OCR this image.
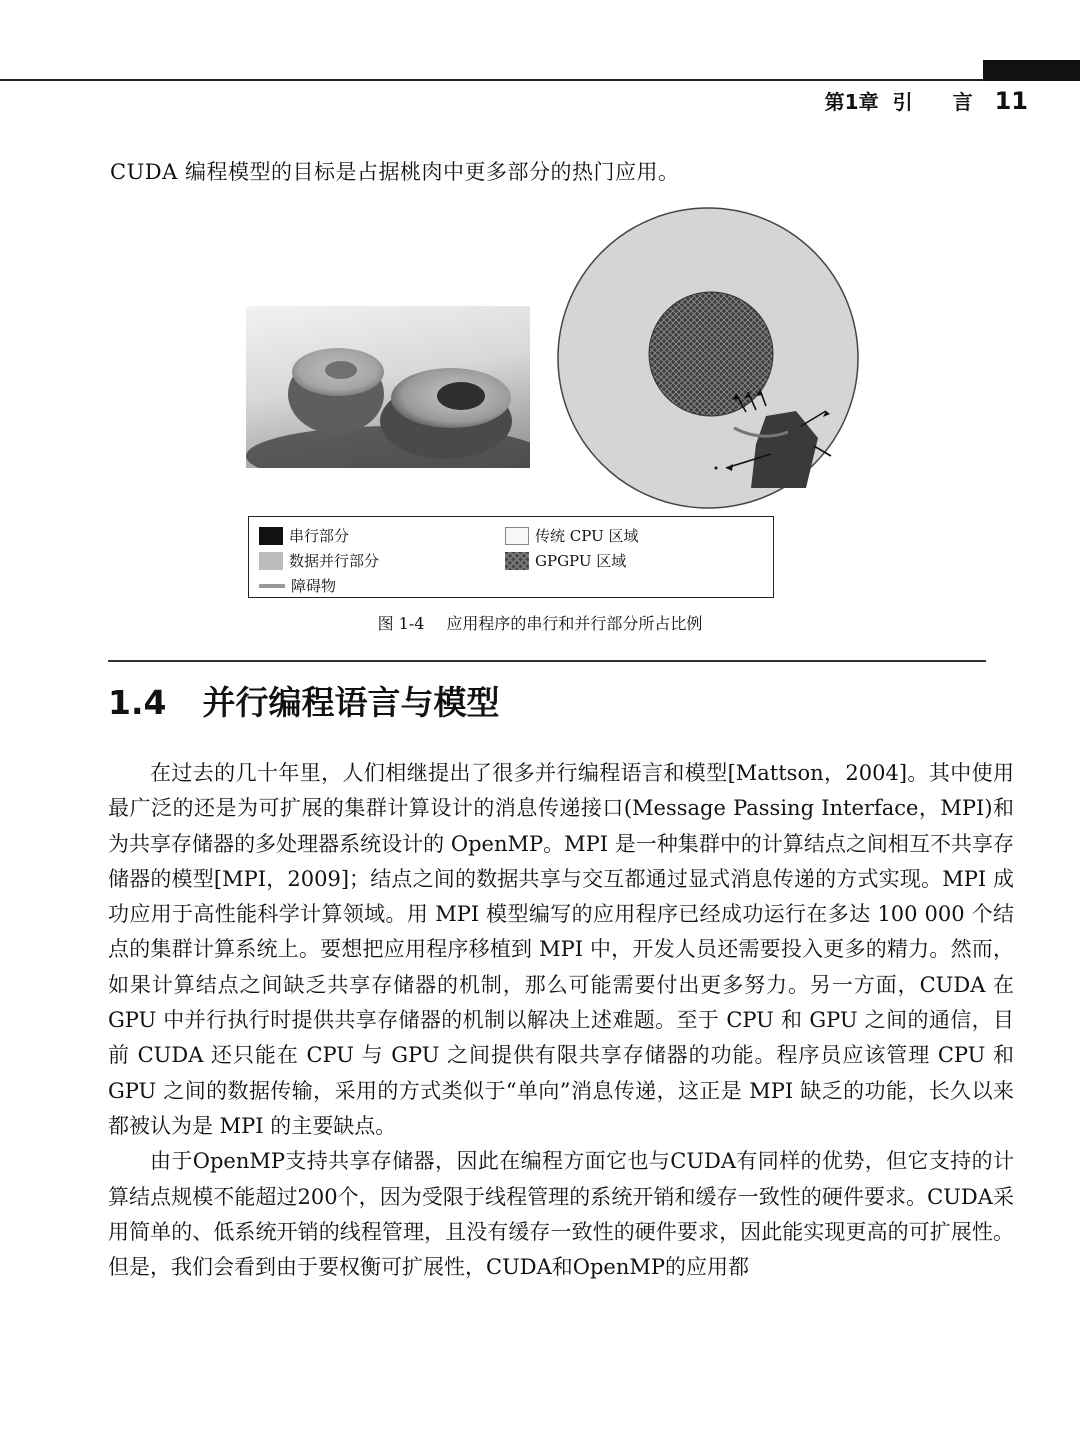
第1章 引 言 11
CUDA 编程模型的目标是占据桃肉中更多部分的热门应用。
串行部分
数据并行部分
障碍物
传统 CPU 区域
GPGPU 区域
图 1-4 应用程序的串行和并行部分所占比例
1.4 并行编程语言与模型

在过去的几十年里，人们相继提出了很多并行编程语言和模型[Mattson，2004]。其中使用最广泛的还是为可扩展的集群计算设计的消息传递接口(Message Passing Interface，MPI)和为共享存储器的多处理器系统设计的 OpenMP。MPI 是一种集群中的计算结点之间相互不共享存储器的模型[MPI，2009]；结点之间的数据共享与交互都通过显式消息传递的方式实现。MPI 成功应用于高性能科学计算领域。用 MPI 模型编写的应用程序已经成功运行在多达 100 000 个结点的集群计算系统上。要想把应用程序移植到 MPI 中，开发人员还需要投入更多的精力。然而，如果计算结点之间缺乏共享存储器的机制，那么可能需要付出更多努力。另一方面，CUDA 在 GPU 中并行执行时提供共享存储器的机制以解决上述难题。至于 CPU 和 GPU 之间的通信，目前 CUDA 还只能在 CPU 与 GPU 之间提供有限共享存储器的功能。程序员应该管理 CPU 和 GPU 之间的数据传输，采用的方式类似于“单向”消息传递，这正是 MPI 缺乏的功能，长久以来都被认为是 MPI 的主要缺点。

由于OpenMP支持共享存储器，因此在编程方面它也与CUDA有同样的优势，但它支持的计算结点规模不能超过200个，因为受限于线程管理的系统开销和缓存一致性的硬件要求。CUDA采用简单的、低系统开销的线程管理，且没有缓存一致性的硬件要求，因此能实现更高的可扩展性。但是，我们会看到由于要权衡可扩展性，CUDA和OpenMP的应用都
